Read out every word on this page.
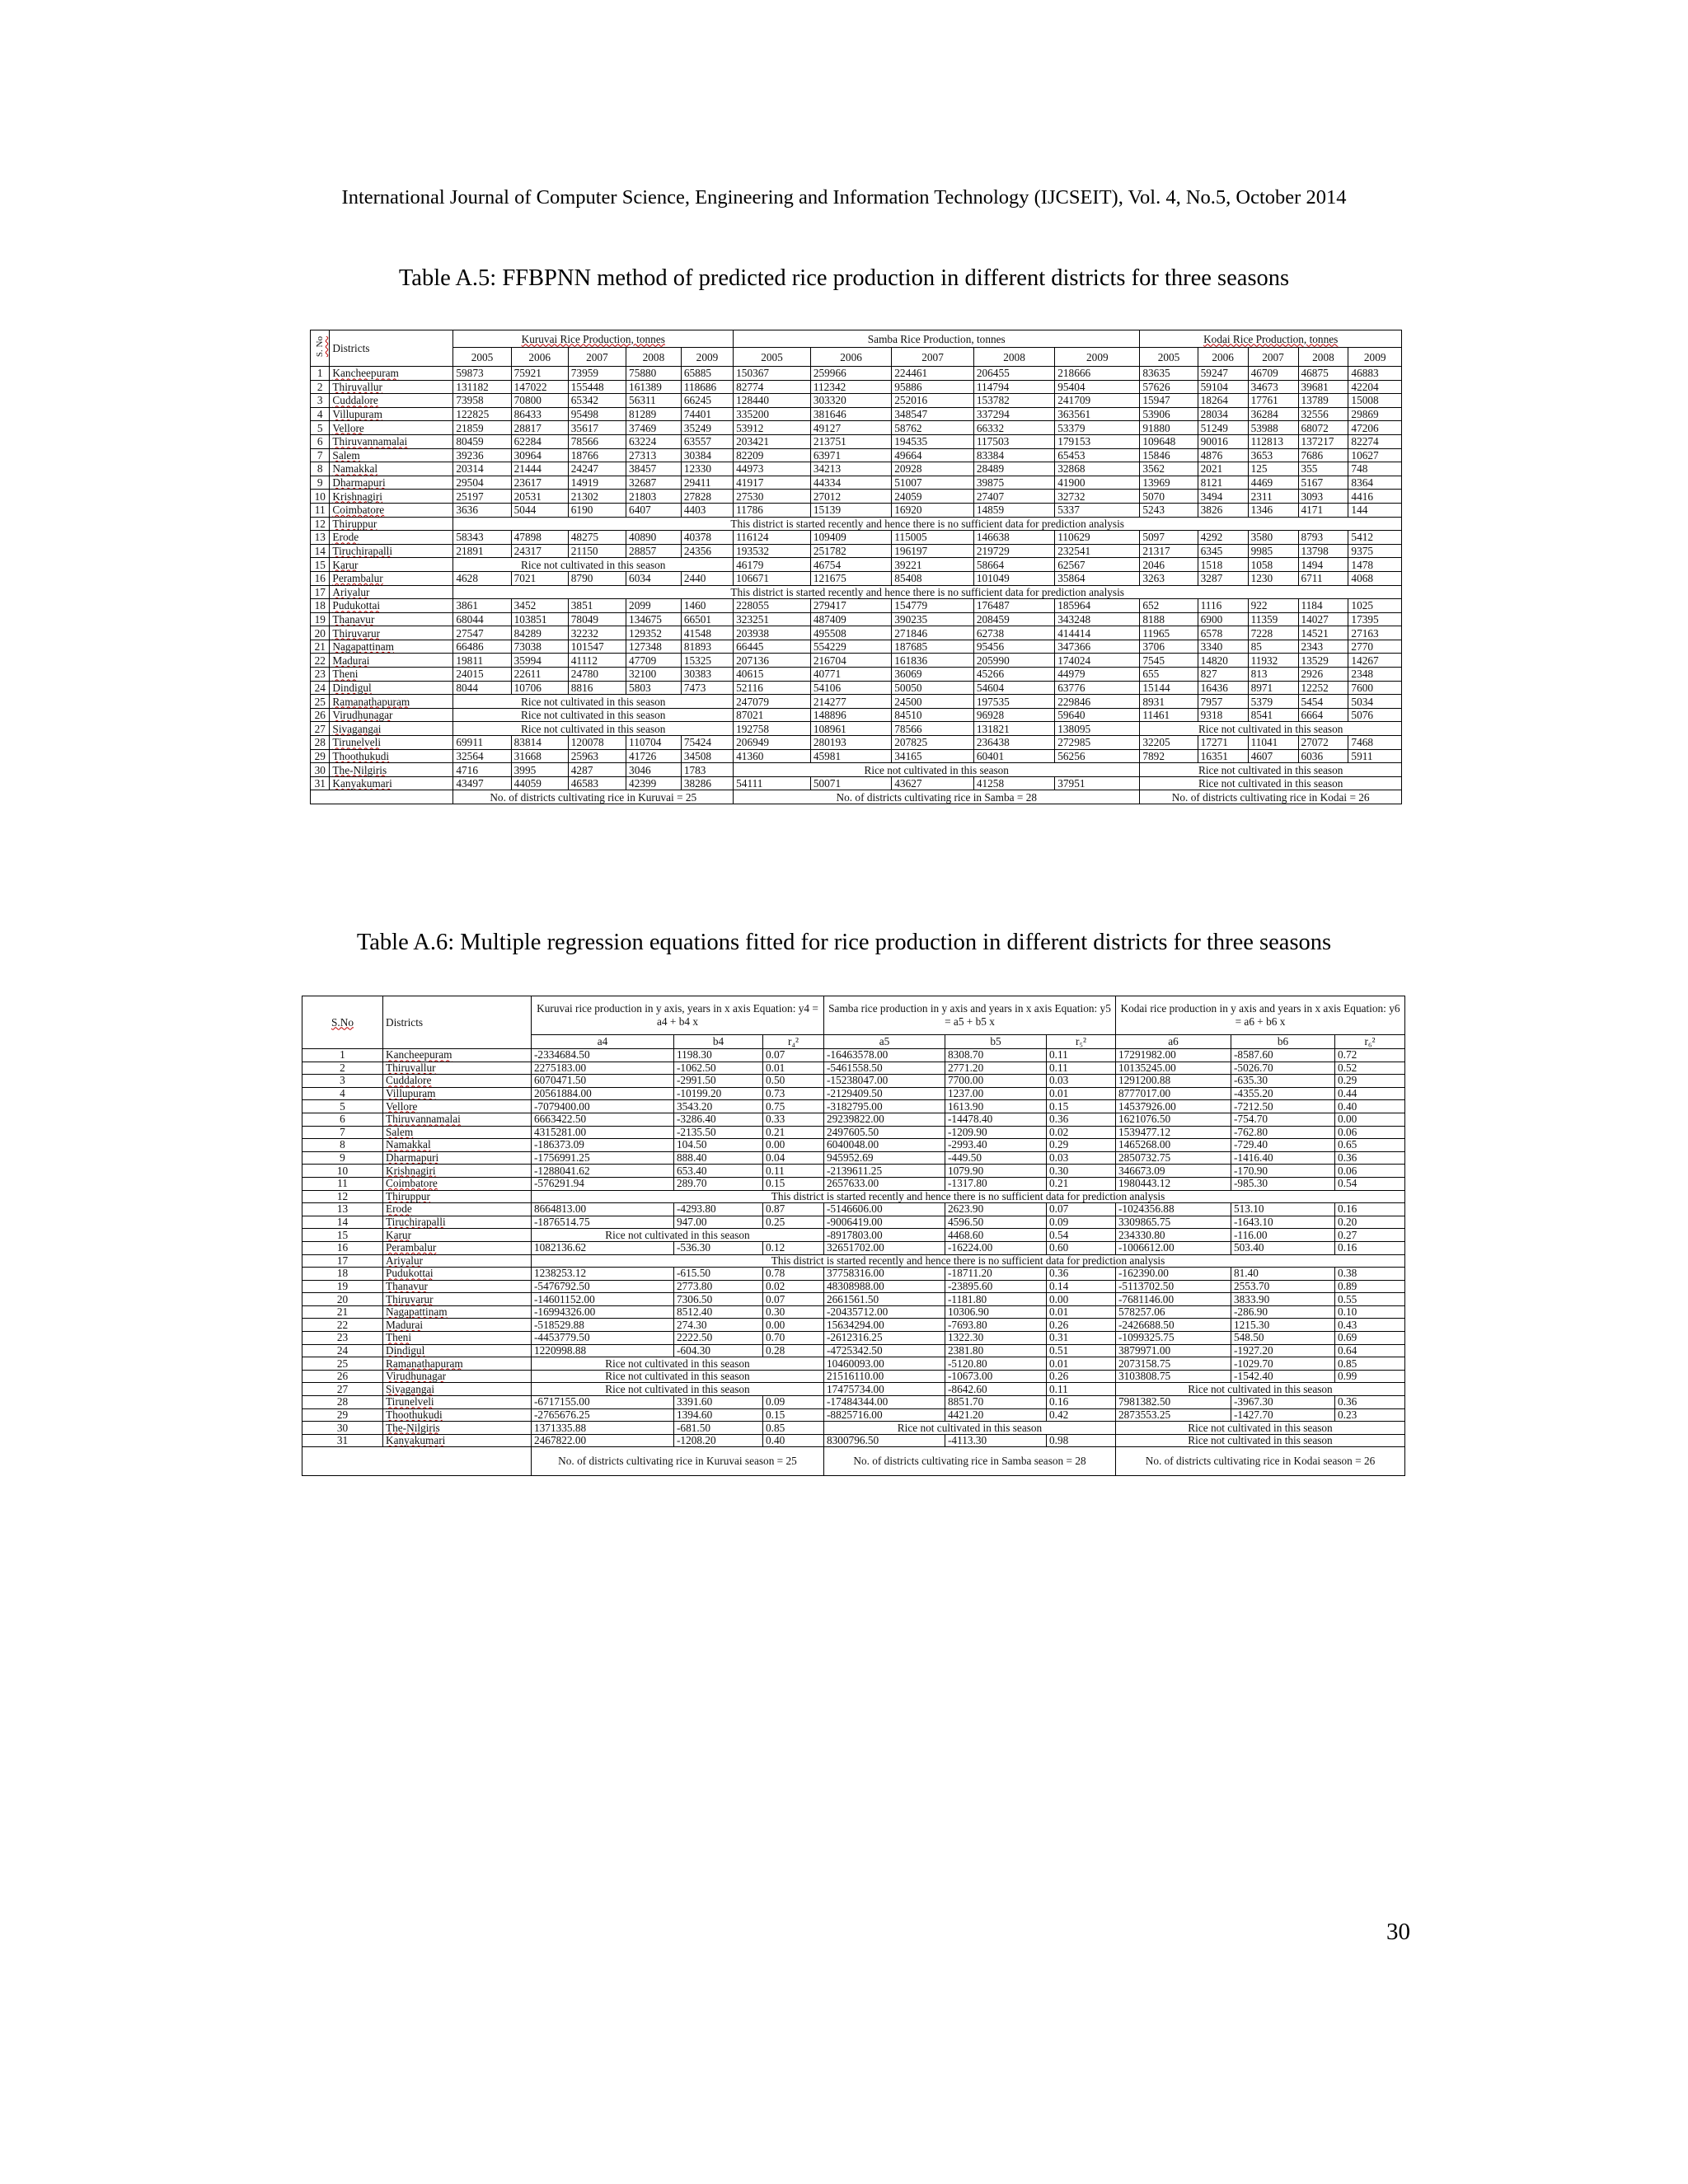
International Journal of Computer Science, Engineering and Information Technology (IJCSEIT), Vol. 4, No.5, October 2014
Table A.5: FFBPNN method of predicted rice production in different districts for three seasons
S. No	Districts	Kuruvai Rice Production, tonnes					Samba Rice Production, tonnes					Kodai Rice Production, tonnes				
		2005	2006	2007	2008	2009	2005	2006	2007	2008	2009	2005	2006	2007	2008	2009
1	Kancheepuram	59873	75921	73959	75880	65885	150367	259966	224461	206455	218666	83635	59247	46709	46875	46883
2	Thiruvallur	131182	147022	155448	161389	118686	82774	112342	95886	114794	95404	57626	59104	34673	39681	42204
3	Cuddalore	73958	70800	65342	56311	66245	128440	303320	252016	153782	241709	15947	18264	17761	13789	15008
4	Villupuram	122825	86433	95498	81289	74401	335200	381646	348547	337294	363561	53906	28034	36284	32556	29869
5	Vellore	21859	28817	35617	37469	35249	53912	49127	58762	66332	53379	91880	51249	53988	68072	47206
6	Thiruvannamalai	80459	62284	78566	63224	63557	203421	213751	194535	117503	179153	109648	90016	112813	137217	82274
7	Salem	39236	30964	18766	27313	30384	82209	63971	49664	83384	65453	15846	4876	3653	7686	10627
8	Namakkal	20314	21444	24247	38457	12330	44973	34213	20928	28489	32868	3562	2021	125	355	748
9	Dharmapuri	29504	23617	14919	32687	29411	41917	44334	51007	39875	41900	13969	8121	4469	5167	8364
10	Krishnagiri	25197	20531	21302	21803	27828	27530	27012	24059	27407	32732	5070	3494	2311	3093	4416
11	Coimbatore	3636	5044	6190	6407	4403	11786	15139	16920	14859	5337	5243	3826	1346	4171	144
12	Thiruppur	This district is started recently and hence there is no sufficient data for prediction analysis														
13	Erode	58343	47898	48275	40890	40378	116124	109409	115005	146638	110629	5097	4292	3580	8793	5412
14	Tiruchirapalli	21891	24317	21150	28857	24356	193532	251782	196197	219729	232541	21317	6345	9985	13798	9375
15	Karur	Rice not cultivated in this season					46179	46754	39221	58664	62567	2046	1518	1058	1494	1478
16	Perambalur	4628	7021	8790	6034	2440	106671	121675	85408	101049	35864	3263	3287	1230	6711	4068
17	Ariyalur	This district is started recently and hence there is no sufficient data for prediction analysis														
18	Pudukottai	3861	3452	3851	2099	1460	228055	279417	154779	176487	185964	652	1116	922	1184	1025
19	Thanavur	68044	103851	78049	134675	66501	323251	487409	390235	208459	343248	8188	6900	11359	14027	17395
20	Thiruvarur	27547	84289	32232	129352	41548	203938	495508	271846	62738	414414	11965	6578	7228	14521	27163
21	Nagapattinam	66486	73038	101547	127348	81893	66445	554229	187685	95456	347366	3706	3340	85	2343	2770
22	Madurai	19811	35994	41112	47709	15325	207136	216704	161836	205990	174024	7545	14820	11932	13529	14267
23	Theni	24015	22611	24780	32100	30383	40615	40771	36069	45266	44979	655	827	813	2926	2348
24	Dindigul	8044	10706	8816	5803	7473	52116	54106	50050	54604	63776	15144	16436	8971	12252	7600
25	Ramanathapuram	Rice not cultivated in this season					247079	214277	24500	197535	229846	8931	7957	5379	5454	5034
26	Virudhunagar	Rice not cultivated in this season					87021	148896	84510	96928	59640	11461	9318	8541	6664	5076
27	Sivagangai	Rice not cultivated in this season					192758	108961	78566	131821	138095	Rice not cultivated in this season				
28	Tirunelveli	69911	83814	120078	110704	75424	206949	280193	207825	236438	272985	32205	17271	11041	27072	7468
29	Thoothukudi	32564	31668	25963	41726	34508	41360	45981	34165	60401	56256	7892	16351	4607	6036	5911
30	The-Nilgiris	4716	3995	4287	3046	1783	Rice not cultivated in this season					Rice not cultivated in this season				
31	Kanyakumari	43497	44059	46583	42399	38286	54111	50071	43627	41258	37951	Rice not cultivated in this season				
		No. of districts cultivating rice in Kuruvai = 25					No. of districts cultivating rice in Samba = 28					No. of districts cultivating rice in Kodai = 26				
Table A.6: Multiple regression equations fitted for rice production in different districts for three seasons
S.No	Districts	Kuruvai rice production in y axis, years in x axis Equation: y4 = a4 + b4 x			Samba rice production in y axis and years in x axis Equation: y5 = a5 + b5 x			Kodai rice production in y axis and years in x axis Equation: y6 = a6 + b6 x		
		a4	b4	r₄²	a5	b5	r₅²	a6	b6	r₆²
1	Kancheepuram	-2334684.50	1198.30	0.07	-16463578.00	8308.70	0.11	17291982.00	-8587.60	0.72
2	Thiruvallur	2275183.00	-1062.50	0.01	-5461558.50	2771.20	0.11	10135245.00	-5026.70	0.52
3	Cuddalore	6070471.50	-2991.50	0.50	-15238047.00	7700.00	0.03	1291200.88	-635.30	0.29
4	Villupuram	20561884.00	-10199.20	0.73	-2129409.50	1237.00	0.01	8777017.00	-4355.20	0.44
5	Vellore	-7079400.00	3543.20	0.75	-3182795.00	1613.90	0.15	14537926.00	-7212.50	0.40
6	Thiruvannamalai	6663422.50	-3286.40	0.33	29239822.00	-14478.40	0.36	1621076.50	-754.70	0.00
7	Salem	4315281.00	-2135.50	0.21	2497605.50	-1209.90	0.02	1539477.12	-762.80	0.06
8	Namakkal	-186373.09	104.50	0.00	6040048.00	-2993.40	0.29	1465268.00	-729.40	0.65
9	Dharmapuri	-1756991.25	888.40	0.04	945952.69	-449.50	0.03	2850732.75	-1416.40	0.36
10	Krishnagiri	-1288041.62	653.40	0.11	-2139611.25	1079.90	0.30	346673.09	-170.90	0.06
11	Coimbatore	-576291.94	289.70	0.15	2657633.00	-1317.80	0.21	1980443.12	-985.30	0.54
12	Thiruppur	This district is started recently and hence there is no sufficient data for prediction analysis								
13	Erode	8664813.00	-4293.80	0.87	-5146606.00	2623.90	0.07	-1024356.88	513.10	0.16
14	Tiruchirapalli	-1876514.75	947.00	0.25	-9006419.00	4596.50	0.09	3309865.75	-1643.10	0.20
15	Karur	Rice not cultivated in this season			-8917803.00	4468.60	0.54	234330.80	-116.00	0.27
16	Perambalur	1082136.62	-536.30	0.12	32651702.00	-16224.00	0.60	-1006612.00	503.40	0.16
17	Ariyalur	This district is started recently and hence there is no sufficient data for prediction analysis								
18	Pudukottai	1238253.12	-615.50	0.78	37758316.00	-18711.20	0.36	-162390.00	81.40	0.38
19	Thanavur	-5476792.50	2773.80	0.02	48308988.00	-23895.60	0.14	-5113702.50	2553.70	0.89
20	Thiruvarur	-14601152.00	7306.50	0.07	2661561.50	-1181.80	0.00	-7681146.00	3833.90	0.55
21	Nagapattinam	-16994326.00	8512.40	0.30	-20435712.00	10306.90	0.01	578257.06	-286.90	0.10
22	Madurai	-518529.88	274.30	0.00	15634294.00	-7693.80	0.26	-2426688.50	1215.30	0.43
23	Theni	-4453779.50	2222.50	0.70	-2612316.25	1322.30	0.31	-1099325.75	548.50	0.69
24	Dindigul	1220998.88	-604.30	0.28	-4725342.50	2381.80	0.51	3879971.00	-1927.20	0.64
25	Ramanathapuram	Rice not cultivated in this season			10460093.00	-5120.80	0.01	2073158.75	-1029.70	0.85
26	Virudhunagar	Rice not cultivated in this season			21516110.00	-10673.00	0.26	3103808.75	-1542.40	0.99
27	Sivagangai	Rice not cultivated in this season			17475734.00	-8642.60	0.11	Rice not cultivated in this season		
28	Tirunelveli	-6717155.00	3391.60	0.09	-17484344.00	8851.70	0.16	7981382.50	-3967.30	0.36
29	Thoothukudi	-2765676.25	1394.60	0.15	-8825716.00	4421.20	0.42	2873553.25	-1427.70	0.23
30	The-Nilgiris	1371335.88	-681.50	0.85	Rice not cultivated in this season			Rice not cultivated in this season		
31	Kanyakumari	2467822.00	-1208.20	0.40	8300796.50	-4113.30	0.98	Rice not cultivated in this season		
		No. of districts cultivating rice in Kuruvai season = 25			No. of districts cultivating rice in Samba season = 28			No. of districts cultivating rice in Kodai season = 26		
30
